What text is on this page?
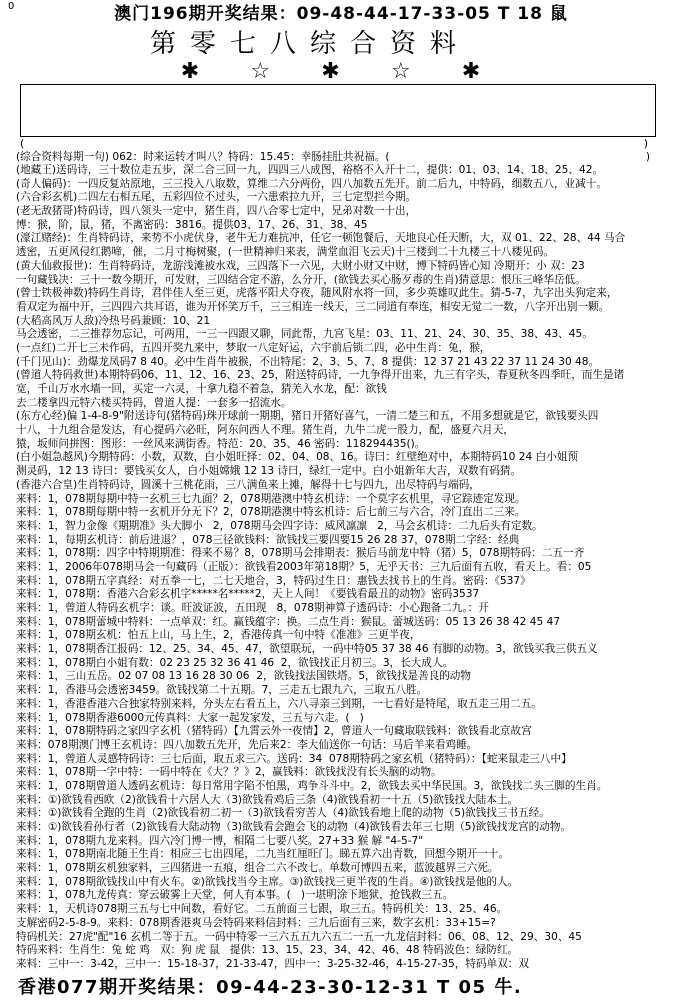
0	澳门196期开奖结果：09-48-44-17-33-05 T 18 鼠
第零七八综合资料
✱ ☆ ✱ ☆ ✱
(	)
(综合资料每期一句) 062：时来运转才叫八？特码：15.45：幸肠挂肚共祝福。(	)
(地藏王)送码诗，三十数位走五步，深二合三回一九，四四三八成图，裕格不入开十二，提供：01、03、14、18、25、42。
(奇人偏码)：一四反复站原地，三三投入八取数，算维二六分两份，四八加数五先开。前二后九，中特码，细数五八，业减十。
(六合彩玄机)二四左右相五尾，五彩四位不过头，一六患索拉九开，三七定型拦今期。
(老无敌猪哥)特码诗，四八领头一定中，猪生肖，四八合零七定中，兄弟对数一十出，
博：猴，阶，鼠，猪，不离密码：3816。提供03、17、26、31、38、45
(濠江赌经)：生肖特码诗，来势不小虎伏身，老牛无力难抗冲，任它一顿饱餐后，天地良心任天断，大，双 01、22、28、44 马合
透密，五更风侵红鹅啼，催，二月寸梅树聚，(一世精神归来表，满堂血泪飞云天)十三楼到二十九楼三十八楼见码。
(黄大仙救报世)：生肖特码诗，龙游浅滩被水戏，三四落下一六见，大财小财又中财，博下特码皆心知 冷期开：小 双：23
一句藏钱决：三十一数今期开，可发财，三四结合定不游，么分开，(欲钱去买心肠歹毒的生肖)猜意思：恨压三峰华岳低。
(曾士铁极神数)特码生肖诗，君伴佳人至三更，虎落平阳犬夺夜，随风附水将一回，多少英雄叹此生。猜-5-7，九字出头狗定来，
看双定为福中开，三四四六共耳语，谁为开怀笑万千，三三相连一线天，三二同道有奉连，相安无觉二一数，八字开出别一颗。
(大稻高风万人敌)冷热号码兼顾：10、21
马会透密，二三推荐勿忘记，可两用，一三一四跟又聊，同此帮，九宫飞星：03、11、21、24、30、35、38、43、45。
(一点红)二开七三未作码，五四开奖九来中，梦取一八定好运，六宇前后锁二四，必中生肖：兔，猴，
(千门见山)：劲爆龙凤码7 8 40。必中生肖牛被猴，不出特尾：2、3、5、7、8 提供：12 37 21 43 22 37 11 24 30 48。
(曾道人特码救世)本期特码06、11、12、16、23、25，附送特码诗，一九争得开出来，九三有字头，春夏秋冬四季旺，而生是诸
宽，千山万水水墙一回，买定一六灵，十拿九稳不着急，猜羌入水龙，配：欲钱
去二楼拿四元特六楼买特码，曾道人提：一套多一招流水。
(东方心经)偏 1-4-8-9"附送诗句(猪特码)珠开球前一期期，猪日开猪好喜气，一清二楚三和五，不用多想就是它，欲钱要头四
十八，十九组合是发达，有心提码六必旺，阿东问西人不理。猪生肖，九牛二虎一股力，配，盛夏六月天，
猿，坂师问拼图：图形：一丝风来满街香。特范：20、35、46 密码：118294435()。
(白小姐急越风)今期特码：小数，双数，白小姐旺择：02、04、08、16。诗曰：红壁绝对中，本期特码10 24 白小姐预
测灵码，12 13 诗曰：要钱买女人，白小姐嫦娥 12 13 诗曰，绿红一定中。白小姐新年大吉，双数有码猜。
(香港六合皇)生肖特码诗，圆溪十三桃花雨，三八满鱼来上摊，解得十七与四九，出尽特码与端码，
来料：1，078期每期中特一玄机三七九面？2，078期港澳中特玄机诗：一个莫字玄机里，寻它踪迹定发现。
来料：1，078期每期中特一玄机开分无下？2，078期港澳中特玄机诗：后七前三与六合，冷门直出二三来。
来料：1，智力金像《期期准》头大脚小   2，078期马会四字诗：威风凛凛   2，马会玄机诗：二九后头有定数。
来料：1，每期玄机诗：前后进退？，078三径欲钱料：欲钱找三要四要15 26 28 37，078期二字经：经典
来料：1，078期：四字中特期期准：得来不易？8，078期马会排期表：猴后马前龙中特（猪）5，078期特码：二五一齐
来料：1，2006年078期马会一句藏码（正版）：欲钱看2003年第18期？5，无乎天书：三九后面有五收，看天上。看：05
来料：1，078期五字真经：对五拳一七，二七天地合，3，特码过生日：惠钱去找书上的生肖。密码：《537》
来料：1，078期：香港六合彩玄机字*****名*****2，天上人间！《要钱看最丑的动物》密码3537
来料：1，曾道人特码玄机字：谈。旺波证波，五田现   8，078期神算子透码诗：小心跑备二九。：开
来料：1，078期蕾城中特料：一点单双：红。赢钱蕴字：换。二点生肖：猴鼠。蕾城送码：05 13 26 38 42 45 47
来料：1，078期玄机：怕五上山，马上生，2，香港传真一句中特《准准》三更半夜，
来料：1，078期香江报码：12、25、34、45、47，欲望联玩，一码中特05 37 38 46 有脚的动物。3，欲钱买我三供五义
来料：1，078期白小姐有数：02 23 25 32 36 41 46  2，欲钱找正月初三。3，长大成人。
来料：1，三山五岳。02 07 08 13 16 28 30 06  2，欲钱找法国铁塔。5，欲钱找是善良的动物
来料：1，香港马会透密3459。欲钱找第二十五期。7，三走五七跟九六，三取五八胜。
来料：1，香港香港六合独家特别来料，分头左右看五上，六八寻亲三到期，一七看好是特尾，取五走三用二五。
来料：1，078期香港6000元传真料：大家一起发家发，三五与六走。(   )
来料：1，078期特码之家四字玄机（猪特码）【九霄云外一夜情】2，曾道人一句藏取联钱料：欲钱看北京故宫
来料：078期澳门博王玄机诗：四八加数五先开，先后来2：李大仙送你一句话：马后羊来看鸡睡。
来料：1，曾道人灵感特码诗：三七后面，取五求三六。送码：34  078期特码之家玄机（猪特码）：【蛇来鼠走三八中】
来料：1，078期一字中特：一码中特在《大？？》2，赢钱料：欲钱找没有长头脑的动物。
来料：1，078期曾道人透码玄机诗：每日常用字陷不怕黑，鸡争斗斗中。2，欲钱去买中华民国。3，欲钱找二头三脚的生肖。
来料：①)欲钱看西欧（2)欲钱看十六居人大（3)欲钱看鸡后三条（4)欲钱看初一十五（5)欲钱找大陆本土。
来料：①)欲钱看全跑的生肖（2)欲钱看初二初一（3)欲钱看穷苦人（4)欲钱看地上爬的动物（5)欲钱找三书五经。
来料：①)欲钱看孙行者（2)欲钱看大陆动物（3)欲钱看会跑会飞的动物（4)欲钱看去年三七期（5)欲钱找龙宫的动物。
来料：1，078期九龙来料。四六冷门博一博，相隔二七要八奖。27+33 猴 解 "4-5-7"
来料：1，078期南北随王生肖：相应三七出四尾，二九当红厘旺门。睇五算六出青数，回想今期开一十。
来料：1，078期玄机独家料，三四猪进一五痕，组合二六不改七。单数可博四五来，蓝波越界三六死。
来料：1，078期欲钱找山中有火车。②)欲钱找当今主席。③)欲钱找三更半夜的生肖。④)欲钱找是他的人。
来料：1，078九龙传真：穿云破雾上天堂，何人有本事。(   )一堪明涂下地狱，抢钱救三五。
来料：1，天机诗078期三五与七中间数，看好它。二五前面三七跟，取三五。特码机关：13、25、46。
支解密码2-5-8-9。来料：078期香港爽马会特码来料信封料：三九后面有三来，数字玄机：33+15=?
特码机关：27虎"配"16 玄机二等于五。一码中特零一三六五五九六五二一五一九龙信封料：06、08、12、29、30、45
特码来料：生肖生：兔 蛇 鸡   双：狗 虎 鼠   提供：13、15、23、34、42、46、48 特码波色：绿防红。
来料：三中一：3-42，三中一：15-18-37，21-33-47，四中一：3-25-32-46，4-15-27-35，特码单双：双
香港077期开奖结果：09-44-23-30-12-31 T 05 牛.
